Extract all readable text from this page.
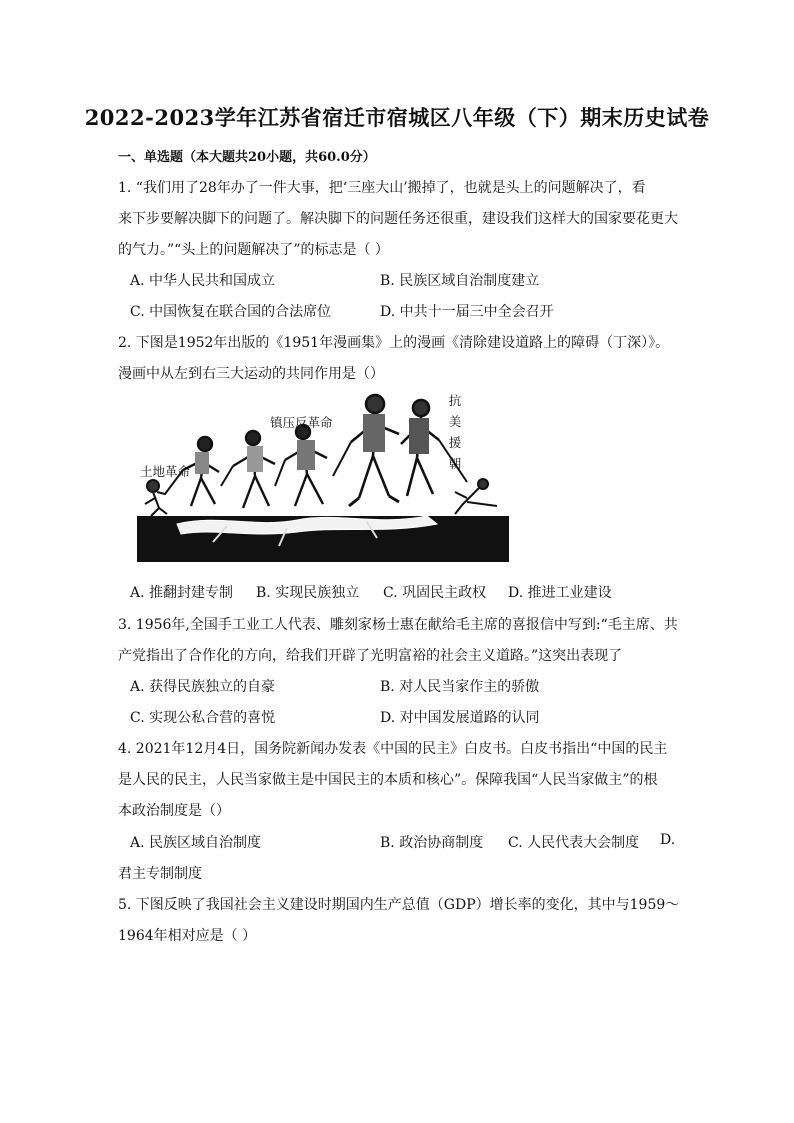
2022-2023学年江苏省宿迁市宿城区八年级（下）期末历史试卷
一、单选题（本大题共20小题，共60.0分）
1. “我们用了28年办了一件大事，把‘三座大山’搬掉了，也就是头上的问题解决了，看
来下步要解决脚下的问题了。解决脚下的问题任务还很重，建设我们这样大的国家要花更大
的气力。”“头上的问题解决了”的标志是（ ）
A. 中华人民共和国成立	B. 民族区域自治制度建立
C. 中国恢复在联合国的合法席位	D. 中共十一届三中全会召开
2. 下图是1952年出版的《1951年漫画集》上的漫画《清除建设道路上的障碍（丁深）》。
漫画中从左到右三大运动的共同作用是（）
土地革命
镇压反革命
抗美援朝
A. 推翻封建专制 B. 实现民族独立 C. 巩固民主政权 D. 推进工业建设
3. 1956年,全国手工业工人代表、雕刻家杨士惠在献给毛主席的喜报信中写到:“毛主席、共
产党指出了合作化的方向，给我们开辟了光明富裕的社会主义道路。”这突出表现了
A. 获得民族独立的自豪	B. 对人民当家作主的骄傲
C. 实现公私合营的喜悦	D. 对中国发展道路的认同
4. 2021年12月4日，国务院新闻办发表《中国的民主》白皮书。白皮书指出“中国的民主
是人民的民主，人民当家做主是中国民主的本质和核心”。保障我国“人民当家做主”的根
本政治制度是（）
A. 民族区域自治制度	B. 政治协商制度 C. 人民代表大会制度 D.
君主专制制度
5. 下图反映了我国社会主义建设时期国内生产总值（GDP）增长率的变化，其中与1959～
1964年相对应是（ ）
